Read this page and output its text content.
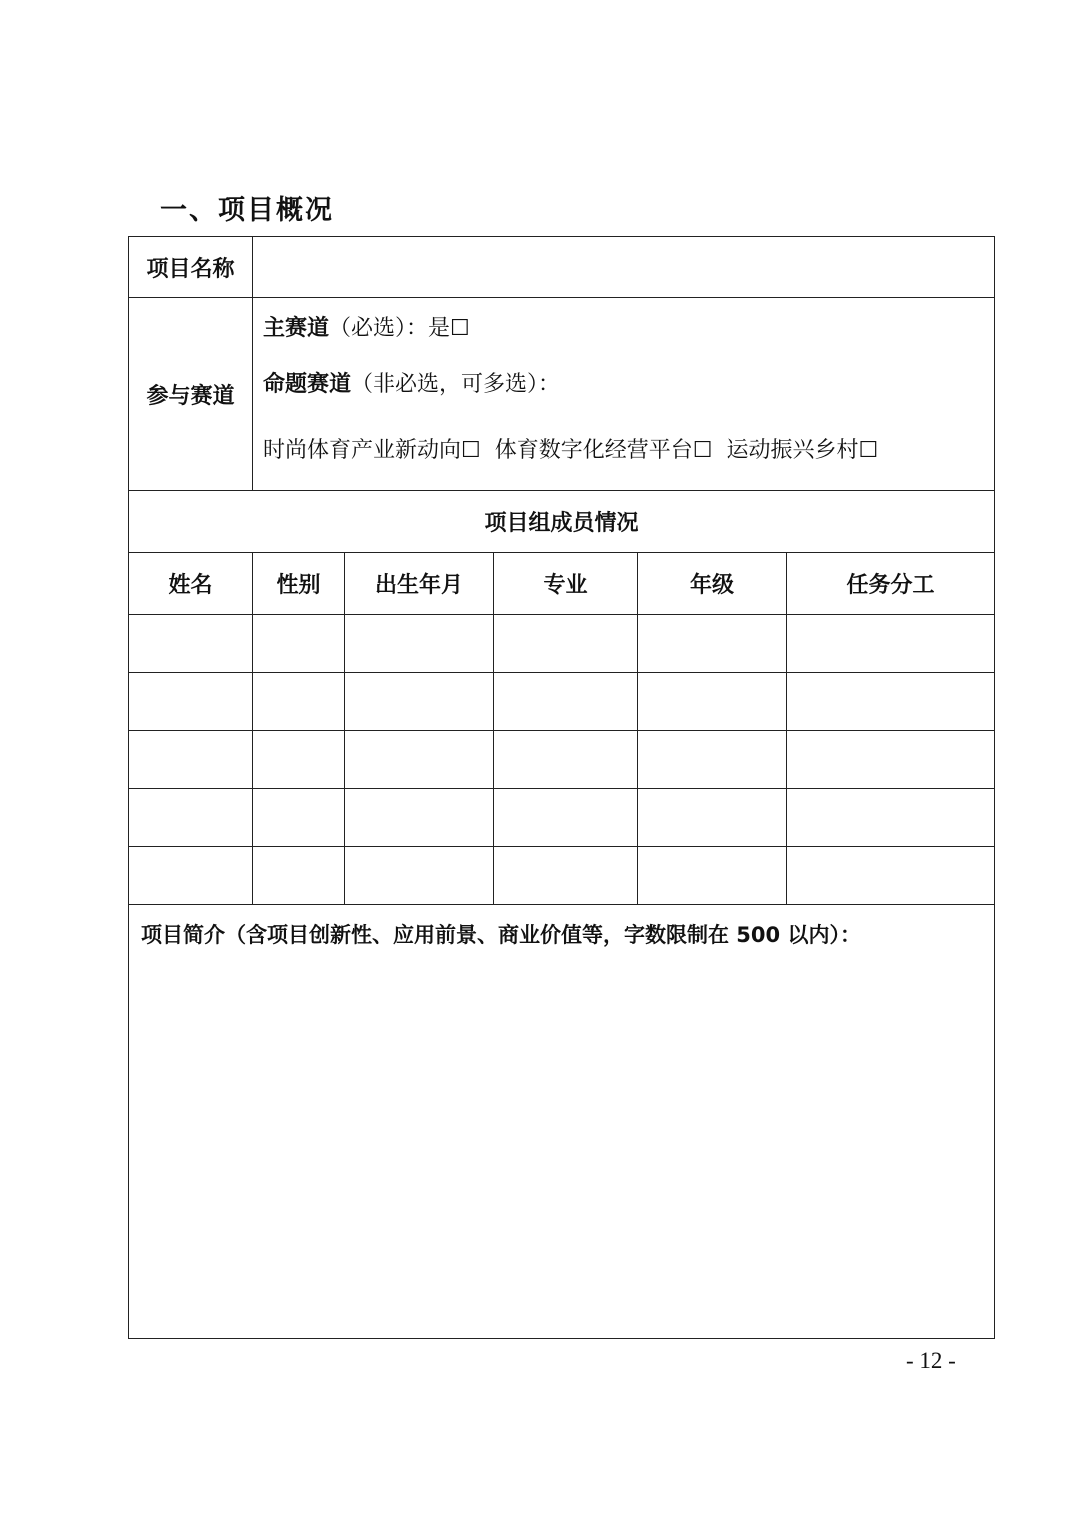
一、项目概况
项目名称					
参与赛道	主赛道（必选）：是☐
命题赛道（非必选，可多选）：
时尚体育产业新动向☐ 体育数字化经营平台☐ 运动振兴乡村☐				

项目组成员情况					
姓名	性别	出生年月	专业	年级	任务分工

项目简介（含项目创新性、应用前景、商业价值等，字数限制在 500 以内）：					
- 12 -
